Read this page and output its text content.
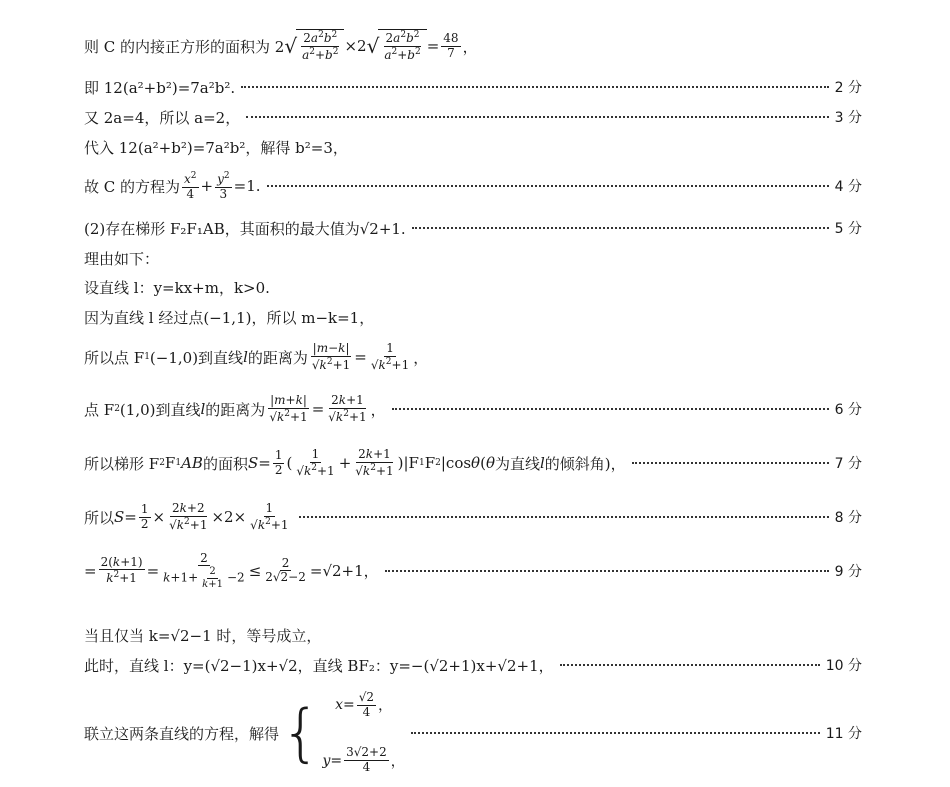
则 C 的内接正方形的面积为 2 √ $\frac{2a^2b^2}{a^2+b^2} \times 2$ √ $\frac{2a^2b^2}{a^2+b^2} = \frac{48}{7}$ ，
即 12(a²+b²)=7a²b².	2 分
又 2a=4，所以 a=2，	3 分
代入 12(a²+b²)=7a²b²，解得 b²=3，
故 C 的方程为 $\frac{x^2}{4} + \frac{y^2}{3} =1$.	4 分
(2)存在梯形 F₂F₁AB，其面积的最大值为√2+1.	5 分
理由如下：
设直线 l：y=kx+m，k>0.
因为直线 l 经过点(−1,1)，所以 m−k=1，
所以点 F 1 (−1,0)到直线 l 的距离为 $\frac{|m-k|}{√k^2+1} = \frac{1}{√k^2+1}$ ，
点 F 2 (1,0)到直线 l 的距离为 $\frac{|m+k|}{√k^2+1} = \frac{2k+1}{√k^2+1}$ ，	6 分
所以梯形 F 2 F 1 AB 的面积 $S = \frac{1}{2}$ ( $\frac{1}{√k^2+1} + \frac{2k+1}{√k^2+1} )|F$ 1 F 2 |cos θ ( θ 为直线 l 的倾斜角)，	7 分
所以 $S = \frac{1}{2} \times \frac{2k+2}{√k^2+1} \times 2\times \frac{1}{√k^2+1}$	8 分
= $\frac{2(k+1)}{k^2+1} = \frac{2}{k+1+ \frac{2}{k+1} -2} \le \frac{2}{2√2-2} =√2+1$，	9 分
当且仅当 k=√2−1 时，等号成立，
此时，直线 l：y=(√2−1)x+√2，直线 BF₂：y=−(√2+1)x+√2+1，	10 分
联立这两条直线的方程，解得 { $x = \frac{√2}{4}$ ，
$y = \frac{3√2+2}{4}$ ，
11 分
